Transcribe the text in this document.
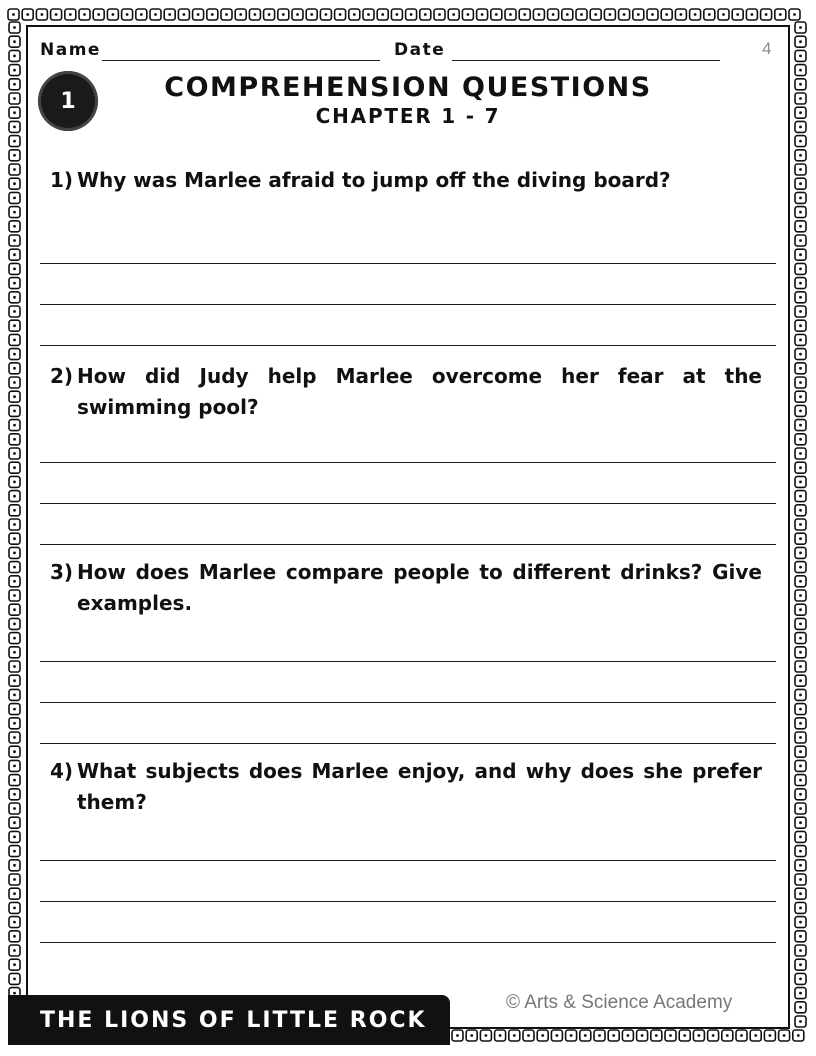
Name	Date	4
1	COMPREHENSION QUESTIONS
CHAPTER 1 - 7
1) Why was Marlee afraid to jump off the diving board?
2) How did Judy help Marlee overcome her fear at the swimming pool?
3) How does Marlee compare people to different drinks? Give examples.
4) What subjects does Marlee enjoy, and why does she prefer them?
THE LIONS OF LITTLE ROCK
© Arts & Science Academy
